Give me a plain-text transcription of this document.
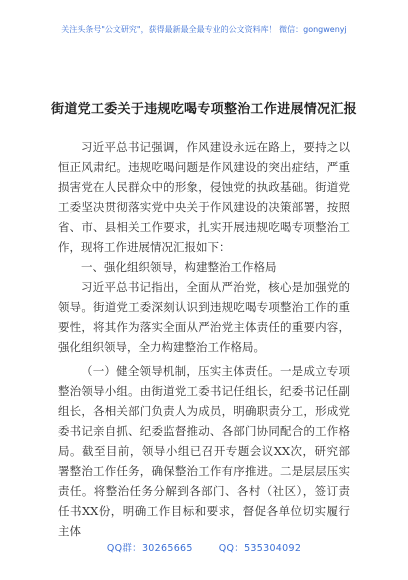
关注头条号"公文研究"，获得最新最全最专业的公文资料库！ 微信：gongwenyj
街道党工委关于违规吃喝专项整治工作进展情况汇报

习近平总书记强调，作风建设永远在路上，要持之以恒正风肃纪。违规吃喝问题是作风建设的突出症结，严重损害党在人民群众中的形象，侵蚀党的执政基础。街道党工委坚决贯彻落实党中央关于作风建设的决策部署，按照省、市、县相关工作要求，扎实开展违规吃喝专项整治工作，现将工作进展情况汇报如下：

一、强化组织领导，构建整治工作格局

习近平总书记指出，全面从严治党，核心是加强党的领导。街道党工委深刻认识到违规吃喝专项整治工作的重要性，将其作为落实全面从严治党主体责任的重要内容，强化组织领导，全力构建整治工作格局。

（一）健全领导机制，压实主体责任。一是成立专项整治领导小组。由街道党工委书记任组长，纪委书记任副组长，各相关部门负责人为成员，明确职责分工，形成党委书记亲自抓、纪委监督推动、各部门协同配合的工作格局。截至目前，领导小组已召开专题会议XX次，研究部署整治工作任务，确保整治工作有序推进。二是层层压实责任。将整治任务分解到各部门、各村（社区），签订责任书XX份，明确工作目标和要求，督促各单位切实履行主体

QQ群：30265665	QQ：535304092
